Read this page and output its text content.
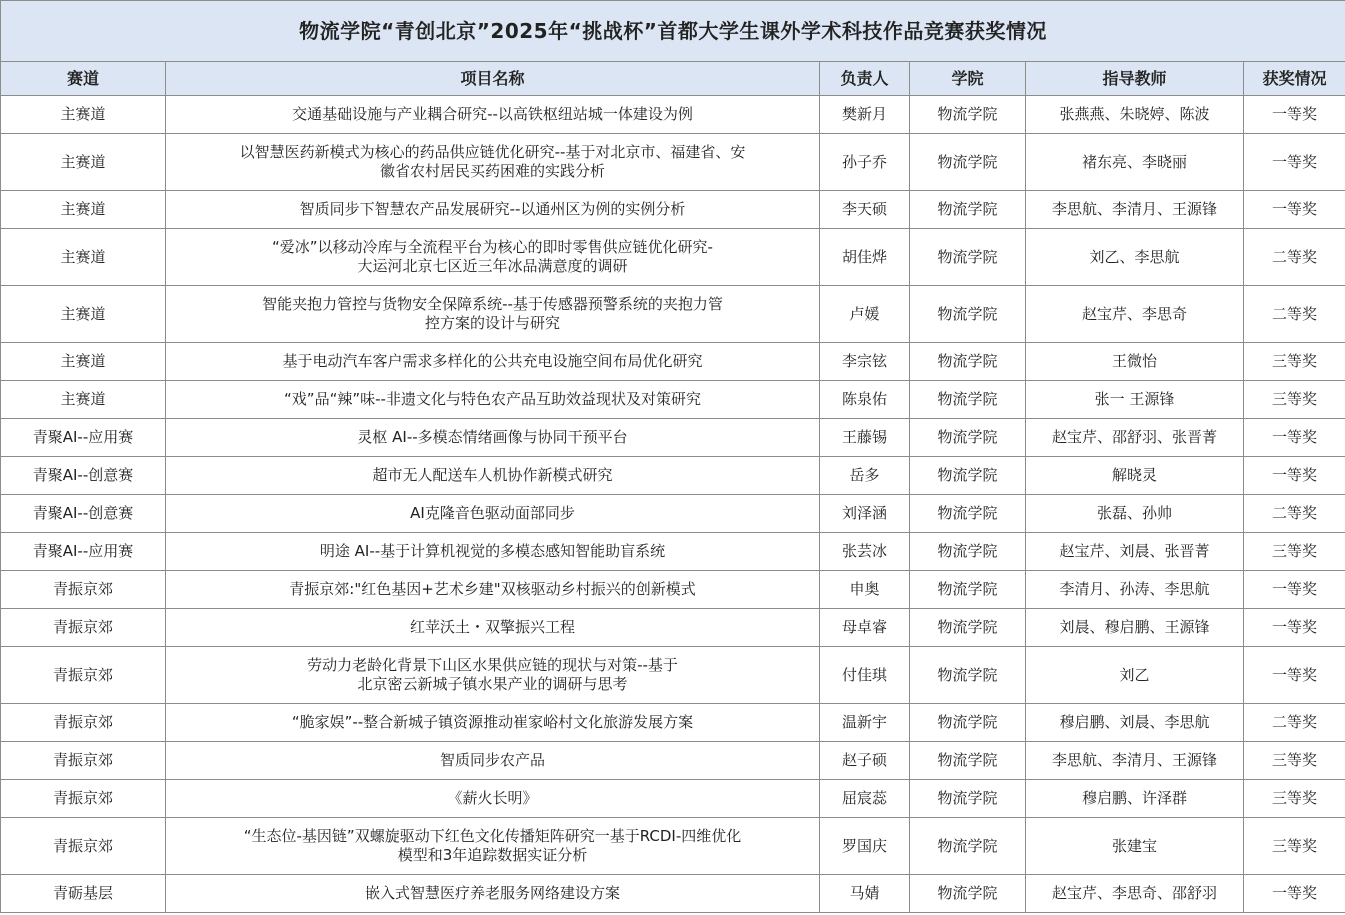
物流学院“青创北京”2025年“挑战杯”首都大学生课外学术科技作品竞赛获奖情况					
赛道	项目名称	负责人	学院	指导教师	获奖情况
主赛道	交通基础设施与产业耦合研究--以高铁枢纽站城一体建设为例	樊新月	物流学院	张燕燕、朱晓婷、陈波	一等奖
主赛道	以智慧医药新模式为核心的药品供应链优化研究--基于对北京市、福建省、安
徽省农村居民买药困难的实践分析	孙子乔	物流学院	褚东亮、李晓丽	一等奖
主赛道	智质同步下智慧农产品发展研究--以通州区为例的实例分析	李天硕	物流学院	李思航、李清月、王源锋	一等奖
主赛道	“爱冰”以移动冷库与全流程平台为核心的即时零售供应链优化研究-
大运河北京七区近三年冰品满意度的调研	胡佳烨	物流学院	刘乙、李思航	二等奖
主赛道	智能夹抱力管控与货物安全保障系统--基于传感器预警系统的夹抱力管
控方案的设计与研究	卢媛	物流学院	赵宝芹、李思奇	二等奖
主赛道	基于电动汽车客户需求多样化的公共充电设施空间布局优化研究	李宗铉	物流学院	王微怡	三等奖
主赛道	“戏”品“辣”味--非遗文化与特色农产品互助效益现状及对策研究	陈泉佑	物流学院	张一 王源锋	三等奖
青聚AI--应用赛	灵枢 AI--多模态情绪画像与协同干预平台	王藤锡	物流学院	赵宝芹、邵舒羽、张晋菁	一等奖
青聚AI--创意赛	超市无人配送车人机协作新模式研究	岳多	物流学院	解晓灵	一等奖
青聚AI--创意赛	AI克隆音色驱动面部同步	刘泽涵	物流学院	张磊、孙帅	二等奖
青聚AI--应用赛	明途 AI--基于计算机视觉的多模态感知智能助盲系统	张芸冰	物流学院	赵宝芹、刘晨、张晋菁	三等奖
青振京郊	青振京郊:"红色基因+艺术乡建"双核驱动乡村振兴的创新模式	申奥	物流学院	李清月、孙涛、李思航	一等奖
青振京郊	红苹沃土・双擎振兴工程	母卓睿	物流学院	刘晨、穆启鹏、王源锋	一等奖
青振京郊	劳动力老龄化背景下山区水果供应链的现状与对策--基于
北京密云新城子镇水果产业的调研与思考	付佳琪	物流学院	刘乙	一等奖
青振京郊	“脆家娱”--整合新城子镇资源推动崔家峪村文化旅游发展方案	温新宇	物流学院	穆启鹏、刘晨、李思航	二等奖
青振京郊	智质同步农产品	赵子硕	物流学院	李思航、李清月、王源锋	三等奖
青振京郊	《薪火长明》	屈宸蕊	物流学院	穆启鹏、许泽群	三等奖
青振京郊	“生态位-基因链”双螺旋驱动下红色文化传播矩阵研究一基于RCDI-四维优化
模型和3年追踪数据实证分析	罗国庆	物流学院	张建宝	三等奖
青砺基层	嵌入式智慧医疗养老服务网络建设方案	马婧	物流学院	赵宝芹、李思奇、邵舒羽	一等奖
